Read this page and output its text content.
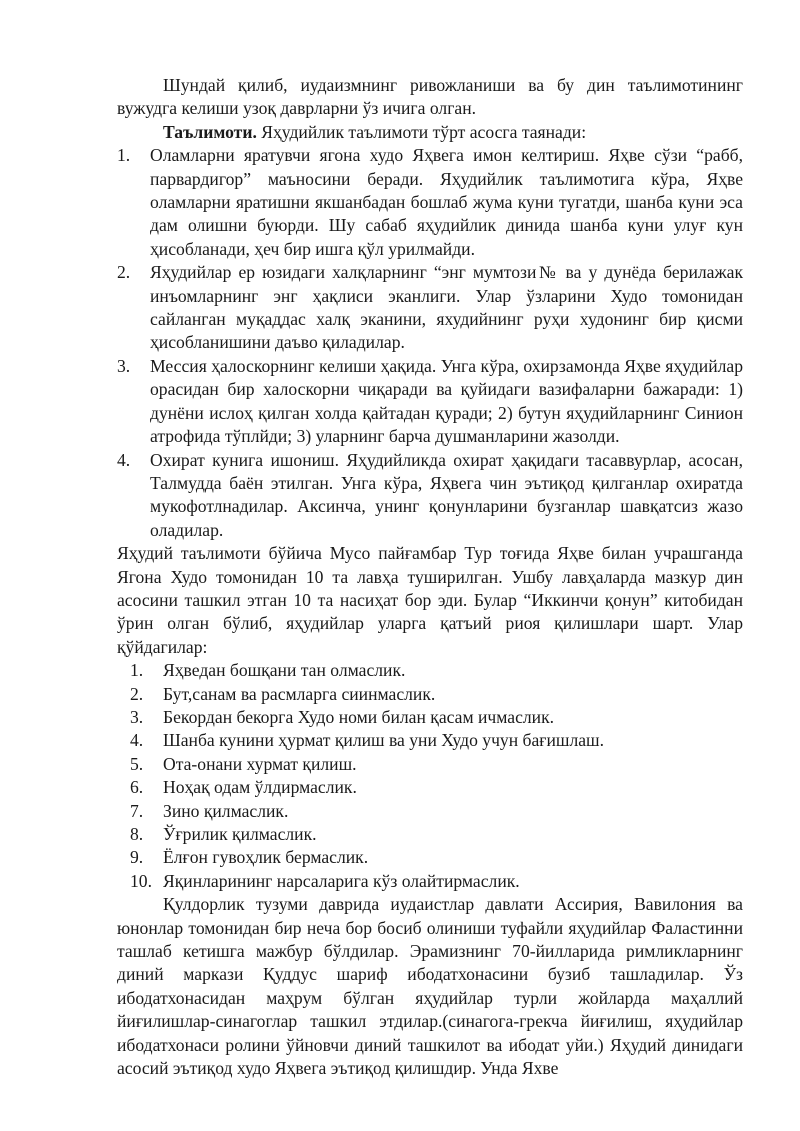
Шундай қилиб, иудаизмнинг ривожланиши ва бу дин таълимотининг вужудга келиши узоқ даврларни ўз ичига олган.

Таълимоти. Яҳудийлик таълимоти тўрт асосга таянади:

1.	Оламларни яратувчи ягона худо Яҳвега имон келтириш. Яҳве сўзи “рабб, парвардигор” маъносини беради. Яҳудийлик таълимотига кўра, Яҳве оламларни яратишни якшанбадан бошлаб жума куни тугатди, шанба куни эса дам олишни буюрди. Шу сабаб яҳудийлик динида шанба куни улуғ кун ҳисобланади, ҳеч бир ишга қўл урилмайди.
2.	Яҳудийлар ер юзидаги халқларнинг “энг мумтози№ ва у дунёда берилажак инъомларнинг энг ҳақлиси эканлиги. Улар ўзларини Худо томонидан сайланган муқаддас халқ эканини, яхудийнинг руҳи худонинг бир қисми ҳисобланишини даъво қиладилар.
3.	Мессия ҳалоскорнинг келиши ҳақида. Унга кўра, охирзамонда Яҳве яҳудийлар орасидан бир халоскорни чиқаради ва қуйидаги вазифаларни бажаради: 1) дунёни ислоҳ қилган холда қайтадан қуради; 2) бутун яҳудийларнинг Синион атрофида тўплйди; 3) уларнинг барча душманларини жазолди.
4.	Охират кунига ишониш. Яҳудийликда охират ҳақидаги тасаввурлар, асосан, Талмудда баён этилган. Унга кўра, Яҳвега чин эътиқод қилганлар охиратда мукофотлнадилар. Аксинча, унинг қонунларини бузганлар шавқатсиз жазо оладилар.

Яҳудий таълимоти бўйича Мусо пайғамбар Тур тоғида Яҳве билан учрашганда Ягона Худо томонидан 10 та лавҳа туширилган. Ушбу лавҳаларда мазкур дин асосини ташкил этган 10 та насиҳат бор эди. Булар “Иккинчи қонун” китобидан ўрин олган бўлиб, яҳудийлар уларга қатъий риоя қилишлари шарт. Улар қўйдагилар:

1.	Яҳведан бошқани тан олмаслик.
2.	Бут,санам ва расмларга сиинмаслик.
3.	Бекордан бекорга Худо номи билан қасам ичмаслик.
4.	Шанба кунини ҳурмат қилиш ва уни Худо учун бағишлаш.
5.	Ота-онани хурмат қилиш.
6.	Ноҳақ одам ўлдирмаслик.
7.	Зино қилмаслик.
8.	Ўғрилик қилмаслик.
9.	Ёлғон гувоҳлик бермаслик.
10. Яқинларининг нарсаларига кўз олайтирмаслик.

Қулдорлик тузуми даврида иудаистлар давлати Ассирия, Вавилония ва юнонлар томонидан бир неча бор босиб олиниши туфайли яҳудийлар Фаластинни ташлаб кетишга мажбур бўлдилар. Эрамизнинг 70-йилларида римликларнинг диний маркази Қуддус шариф ибодатхонасини бузиб ташладилар. Ўз ибодатхонасидан маҳрум бўлган яҳудийлар турли жойларда маҳаллий йиғилишлар-синагоглар ташкил этдилар.(синагога-грекча йиғилиш, яҳудийлар ибодатхонаси ролини ўйновчи диний ташкилот ва ибодат уйи.) Яҳудий динидаги асосий эътиқод худо Яҳвега эътиқод қилишдир. Унда Яхве
